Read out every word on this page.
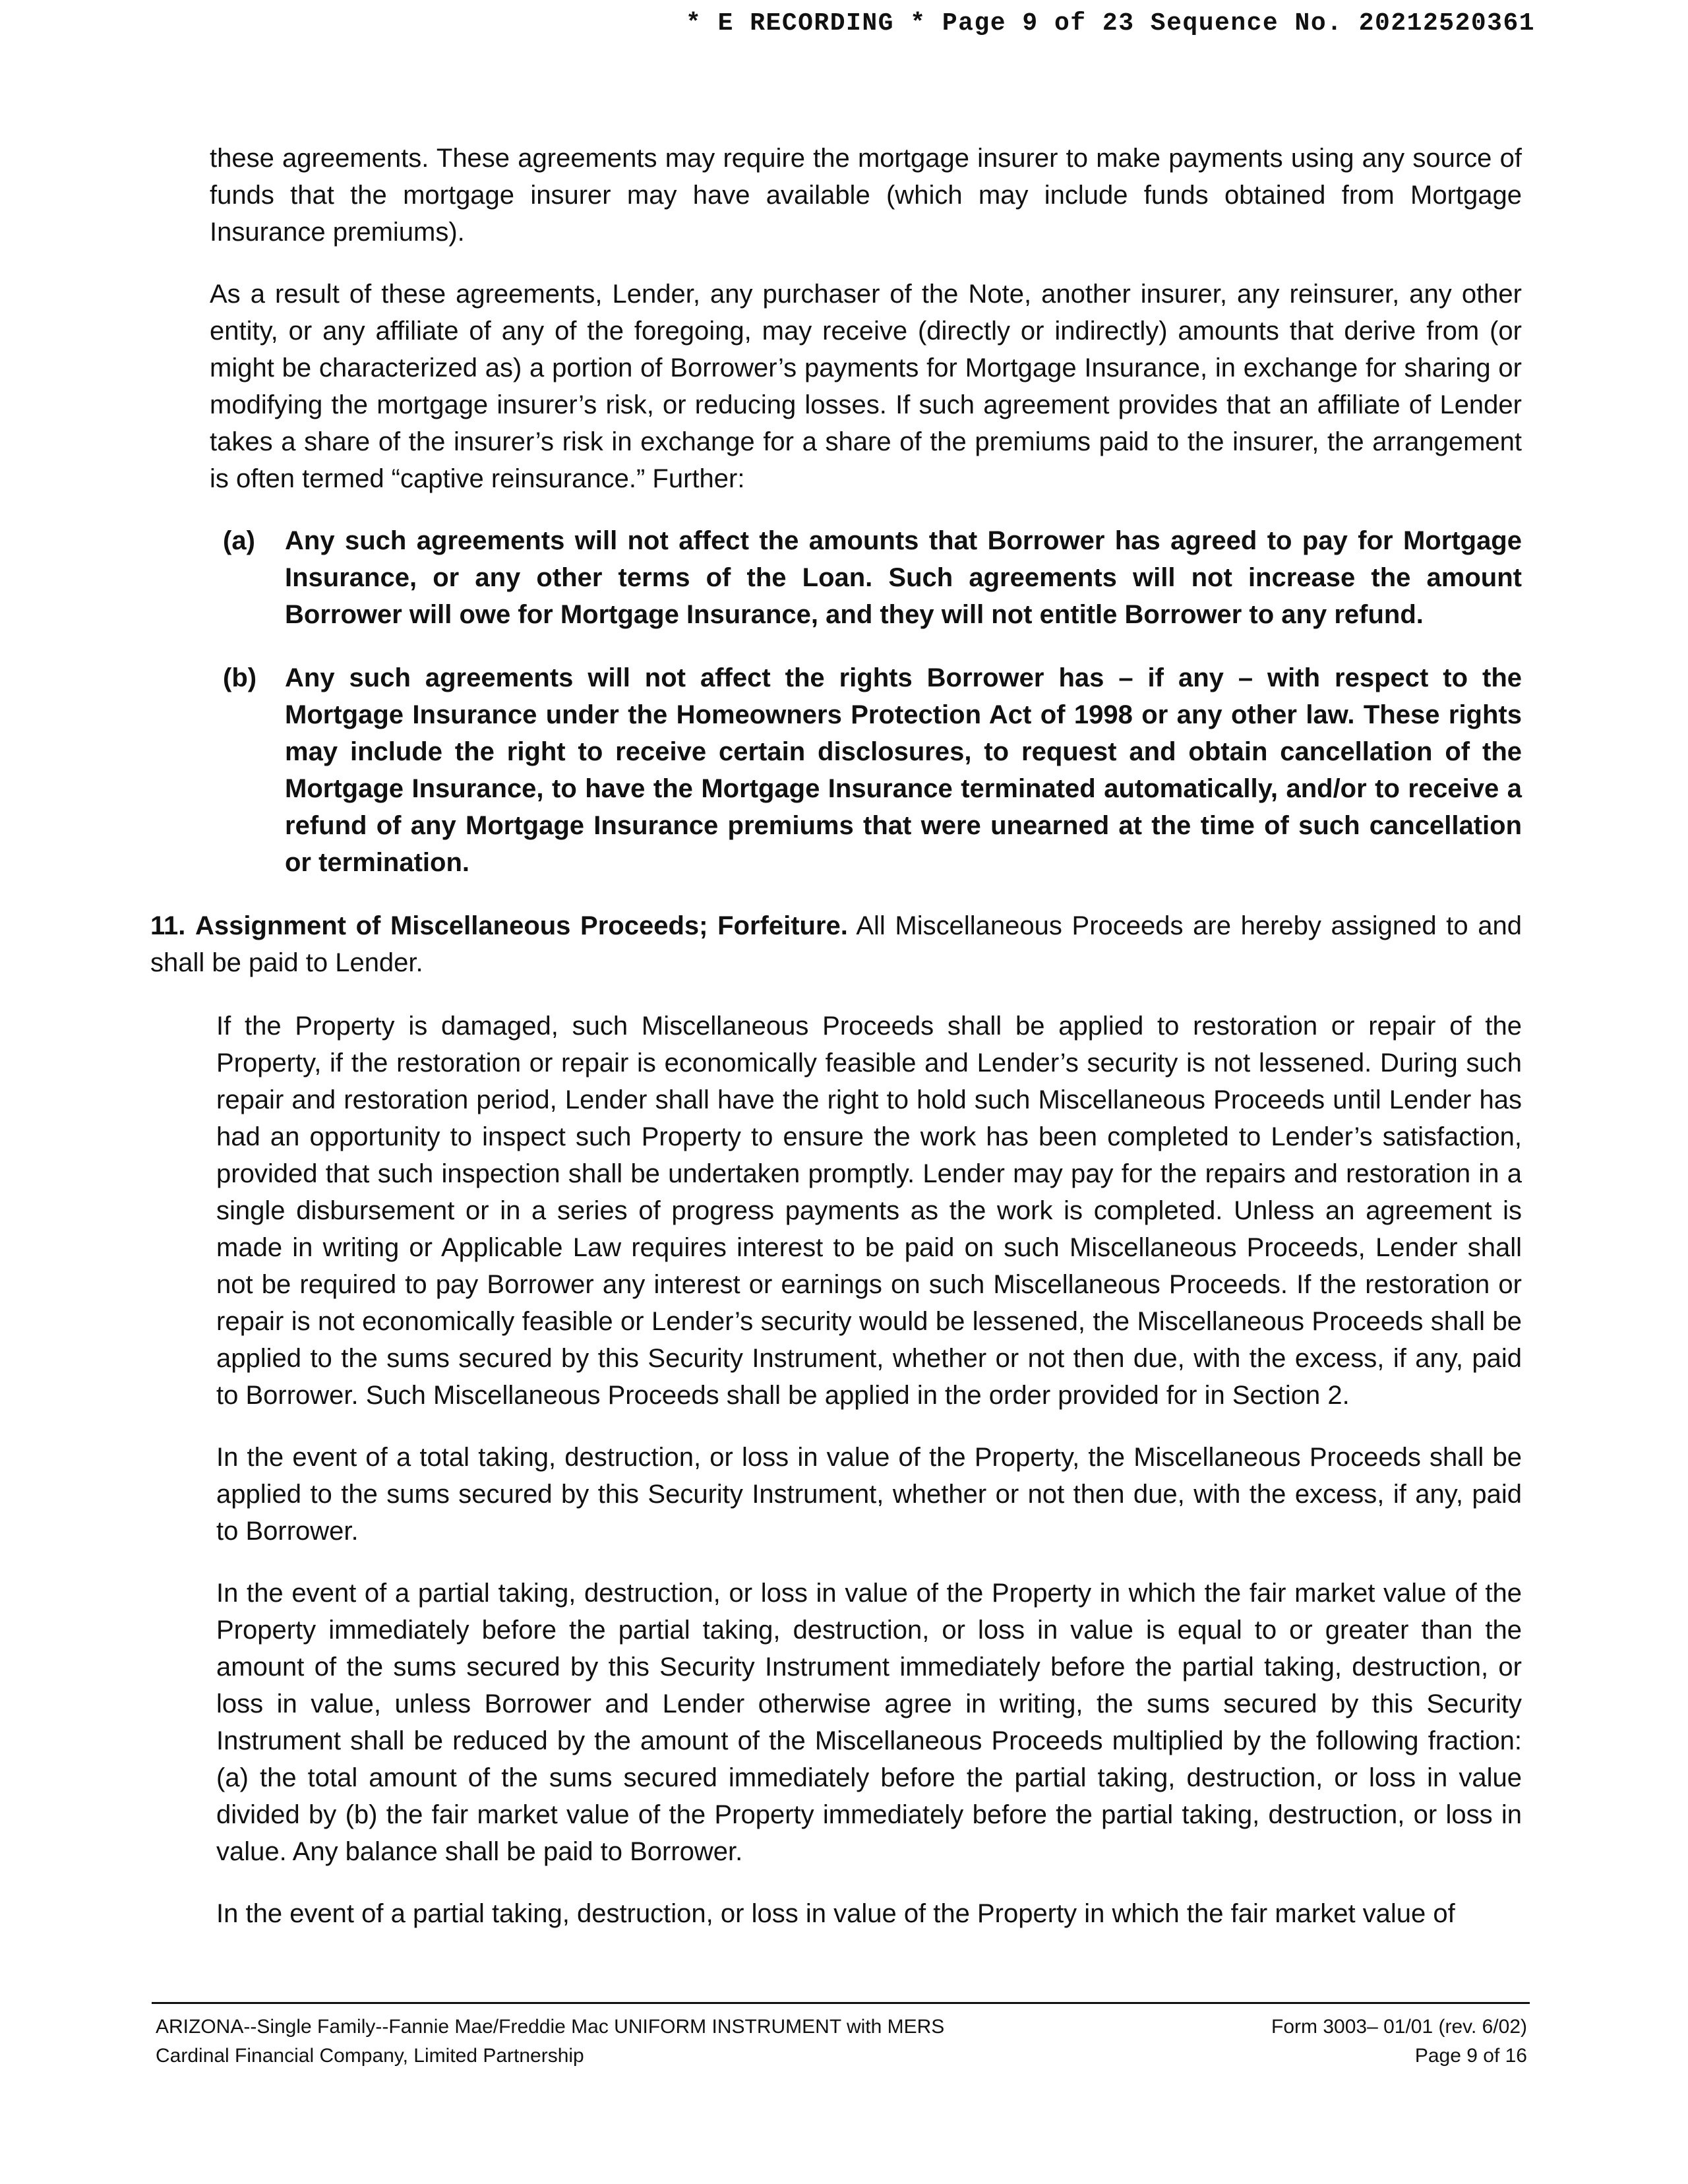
* E RECORDING * Page 9 of 23 Sequence No. 20212520361

these agreements. These agreements may require the mortgage insurer to make payments using any source of funds that the mortgage insurer may have available (which may include funds obtained from Mortgage Insurance premiums).

As a result of these agreements, Lender, any purchaser of the Note, another insurer, any reinsurer, any other entity, or any affiliate of any of the foregoing, may receive (directly or indirectly) amounts that derive from (or might be characterized as) a portion of Borrower’s payments for Mortgage Insurance, in exchange for sharing or modifying the mortgage insurer’s risk, or reducing losses. If such agreement provides that an affiliate of Lender takes a share of the insurer’s risk in exchange for a share of the premiums paid to the insurer, the arrangement is often termed “captive reinsurance.” Further:

(a)	Any such agreements will not affect the amounts that Borrower has agreed to pay for Mortgage Insurance, or any other terms of the Loan. Such agreements will not increase the amount Borrower will owe for Mortgage Insurance, and they will not entitle Borrower to any refund.
(b)	Any such agreements will not affect the rights Borrower has – if any – with respect to the Mortgage Insurance under the Homeowners Protection Act of 1998 or any other law. These rights may include the right to receive certain disclosures, to request and obtain cancellation of the Mortgage Insurance, to have the Mortgage Insurance terminated automatically, and/or to receive a refund of any Mortgage Insurance premiums that were unearned at the time of such cancellation or termination.

11. Assignment of Miscellaneous Proceeds; Forfeiture. All Miscellaneous Proceeds are hereby assigned to and shall be paid to Lender.

If the Property is damaged, such Miscellaneous Proceeds shall be applied to restoration or repair of the Property, if the restoration or repair is economically feasible and Lender’s security is not lessened. During such repair and restoration period, Lender shall have the right to hold such Miscellaneous Proceeds until Lender has had an opportunity to inspect such Property to ensure the work has been completed to Lender’s satisfaction, provided that such inspection shall be undertaken promptly. Lender may pay for the repairs and restoration in a single disbursement or in a series of progress payments as the work is completed. Unless an agreement is made in writing or Applicable Law requires interest to be paid on such Miscellaneous Proceeds, Lender shall not be required to pay Borrower any interest or earnings on such Miscellaneous Proceeds. If the restoration or repair is not economically feasible or Lender’s security would be lessened, the Miscellaneous Proceeds shall be applied to the sums secured by this Security Instrument, whether or not then due, with the excess, if any, paid to Borrower. Such Miscellaneous Proceeds shall be applied in the order provided for in Section 2.

In the event of a total taking, destruction, or loss in value of the Property, the Miscellaneous Proceeds shall be applied to the sums secured by this Security Instrument, whether or not then due, with the excess, if any, paid to Borrower.

In the event of a partial taking, destruction, or loss in value of the Property in which the fair market value of the Property immediately before the partial taking, destruction, or loss in value is equal to or greater than the amount of the sums secured by this Security Instrument immediately before the partial taking, destruction, or loss in value, unless Borrower and Lender otherwise agree in writing, the sums secured by this Security Instrument shall be reduced by the amount of the Miscellaneous Proceeds multiplied by the following fraction: (a) the total amount of the sums secured immediately before the partial taking, destruction, or loss in value divided by (b) the fair market value of the Property immediately before the partial taking, destruction, or loss in value. Any balance shall be paid to Borrower.

In the event of a partial taking, destruction, or loss in value of the Property in which the fair market value of

ARIZONA--Single Family--Fannie Mae/Freddie Mac UNIFORM INSTRUMENT with MERS
Cardinal Financial Company, Limited Partnership
Form 3003– 01/01 (rev. 6/02)
Page 9 of 16
